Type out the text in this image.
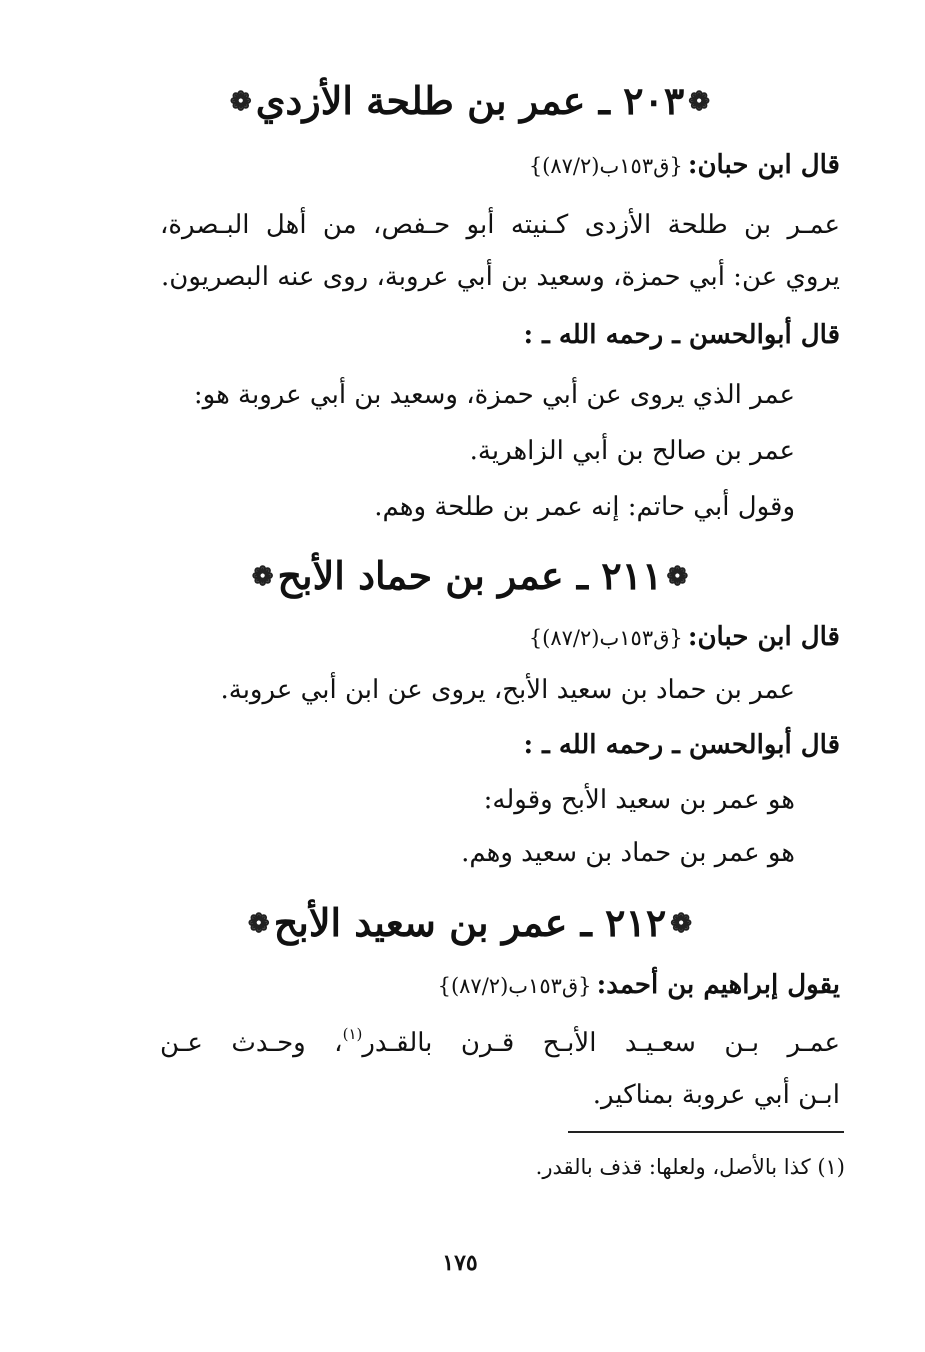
❁٢٠٣ ـ عمر بن طلحة الأزدي❁
قال ابن حبان: {ق١٥٣ب(٨٧/٢)}
عمـر بن طلحة الأزدى كـنيته أبو حـفص، من أهل البـصرة،
يروي عن: أبي حمزة، وسعيد بن أبي عروبة، روى عنه البصريون.
قال أبوالحسن ـ رحمه الله ـ :
عمر الذي يروى عن أبي حمزة، وسعيد بن أبي عروبة هو:
عمر بن صالح بن أبي الزاهرية.
وقول أبي حاتم: إنه عمر بن طلحة وهم.
❁٢١١ ـ عمر بن حماد الأبح❁
قال ابن حبان: {ق١٥٣ب(٨٧/٢)}
عمر بن حماد بن سعيد الأبح، يروى عن ابن أبي عروبة.
قال أبوالحسن ـ رحمه الله ـ :
هو عمر بن سعيد الأبح وقوله:
هو عمر بن حماد بن سعيد وهم.
❁٢١٢ ـ عمر بن سعيد الأبح❁
يقول إبراهيم بن أحمد: {ق١٥٣ب(٨٧/٢)}
عمـر بـن سعـيـد الأبـح قـرن بالقـدر$^{(١)}$، وحـدث عـن
ابـن أبي عروبة بمناكير.
(١) كذا بالأصل، ولعلها: قذف بالقدر.
١٧٥
